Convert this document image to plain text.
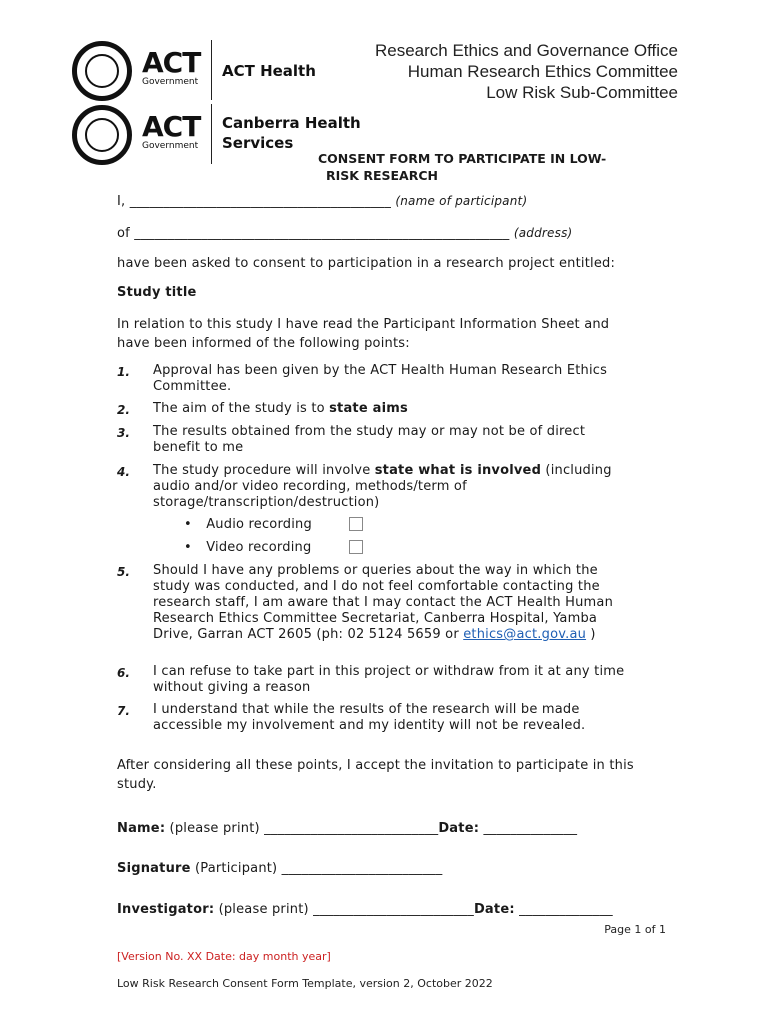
ACT
Government
ACT Health
ACT
Government
Canberra Health
Services
Research Ethics and Governance Office
Human Research Ethics Committee
Low Risk Sub-Committee
CONSENT FORM TO PARTICIPATE IN LOW-
RISK RESEARCH
I, _______________________________________ (name of participant)
of ________________________________________________________ (address)
have been asked to consent to participation in a research project entitled:
Study title
In relation to this study I have read the Participant Information Sheet and
have been informed of the following points:
1. Approval has been given by the ACT Health Human Research Ethics
Committee.
2. The aim of the study is to state aims
3. The results obtained from the study may or may not be of direct
benefit to me
4. The study procedure will involve state what is involved (including
audio and/or video recording, methods/term of
storage/transcription/destruction)
• Audio recording
• Video recording
5. Should I have any problems or queries about the way in which the
study was conducted, and I do not feel comfortable contacting the
research staff, I am aware that I may contact the ACT Health Human
Research Ethics Committee Secretariat, Canberra Hospital, Yamba
Drive, Garran ACT 2605 (ph: 02 5124 5659 or ethics@act.gov.au )
6. I can refuse to take part in this project or withdraw from it at any time
without giving a reason
7. I understand that while the results of the research will be made
accessible my involvement and my identity will not be revealed.
After considering all these points, I accept the invitation to participate in this
study.
Name: (please print) __________________________Date: ______________
Signature (Participant) ________________________
Investigator: (please print) ________________________Date: ______________
Page 1 of 1
[Version No. XX Date: day month year]
Low Risk Research Consent Form Template, version 2, October 2022
